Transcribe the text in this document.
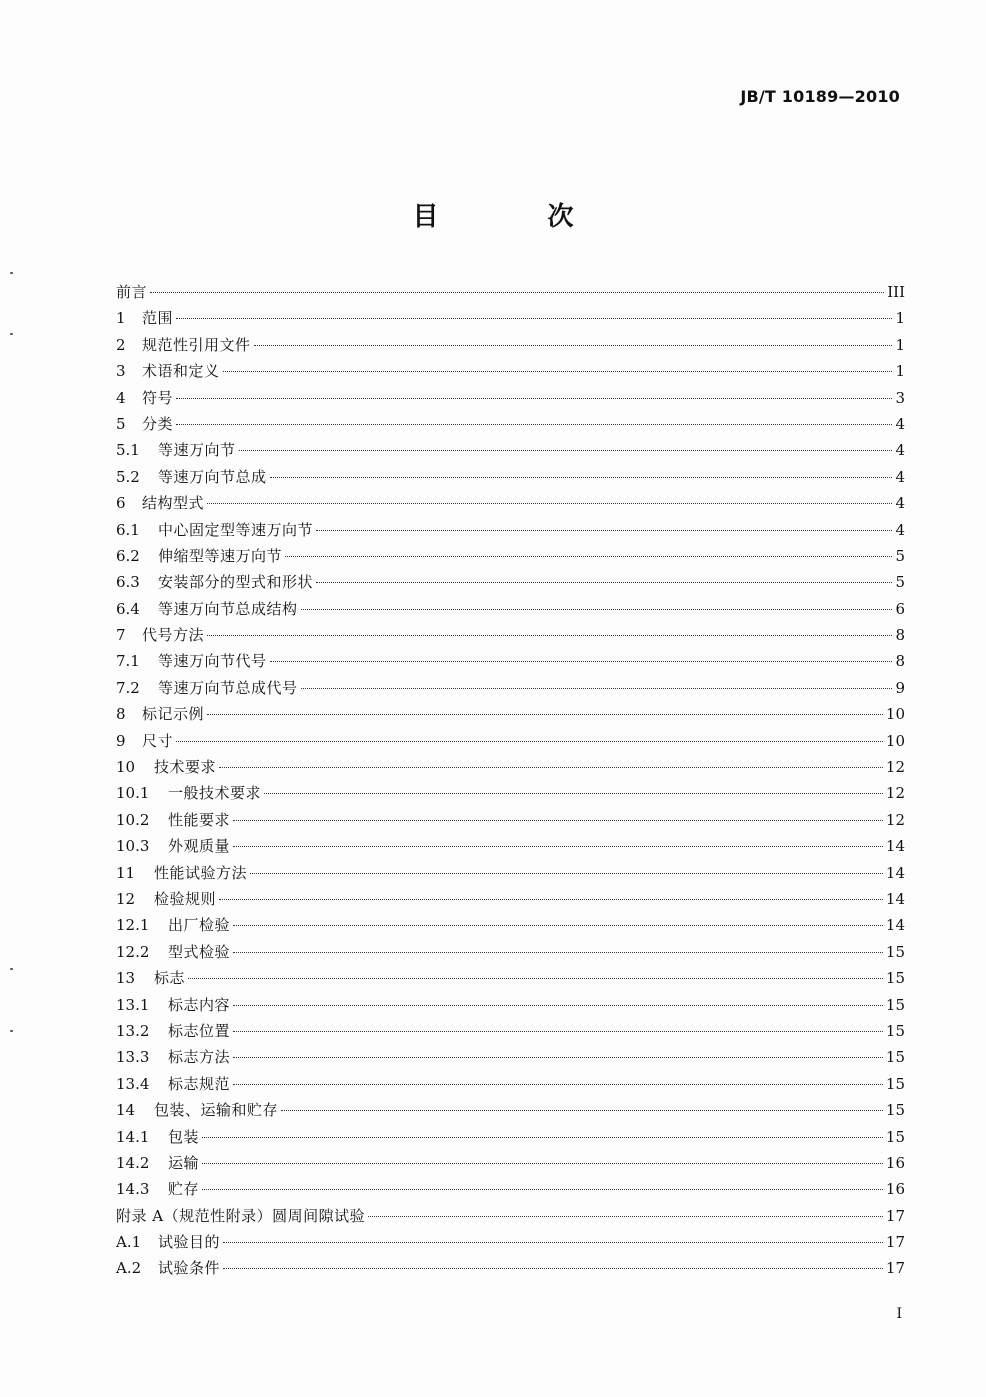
JB/T 10189—2010
目 次
前言	III
1	范围	1
2	规范性引用文件	1
3	术语和定义	1
4	符号	3
5	分类	4
5.1	等速万向节	4
5.2	等速万向节总成	4
6	结构型式	4
6.1	中心固定型等速万向节	4
6.2	伸缩型等速万向节	5
6.3	安装部分的型式和形状	5
6.4	等速万向节总成结构	6
7	代号方法	8
7.1	等速万向节代号	8
7.2	等速万向节总成代号	9
8	标记示例	10
9	尺寸	10
10	技术要求	12
10.1	一般技术要求	12
10.2	性能要求	12
10.3	外观质量	14
11	性能试验方法	14
12	检验规则	14
12.1	出厂检验	14
12.2	型式检验	15
13	标志	15
13.1	标志内容	15
13.2	标志位置	15
13.3	标志方法	15
13.4	标志规范	15
14	包装、运输和贮存	15
14.1	包装	15
14.2	运输	16
14.3	贮存	16
附录 A（规范性附录）圆周间隙试验	17
A.1	试验目的	17
A.2	试验条件	17
I
